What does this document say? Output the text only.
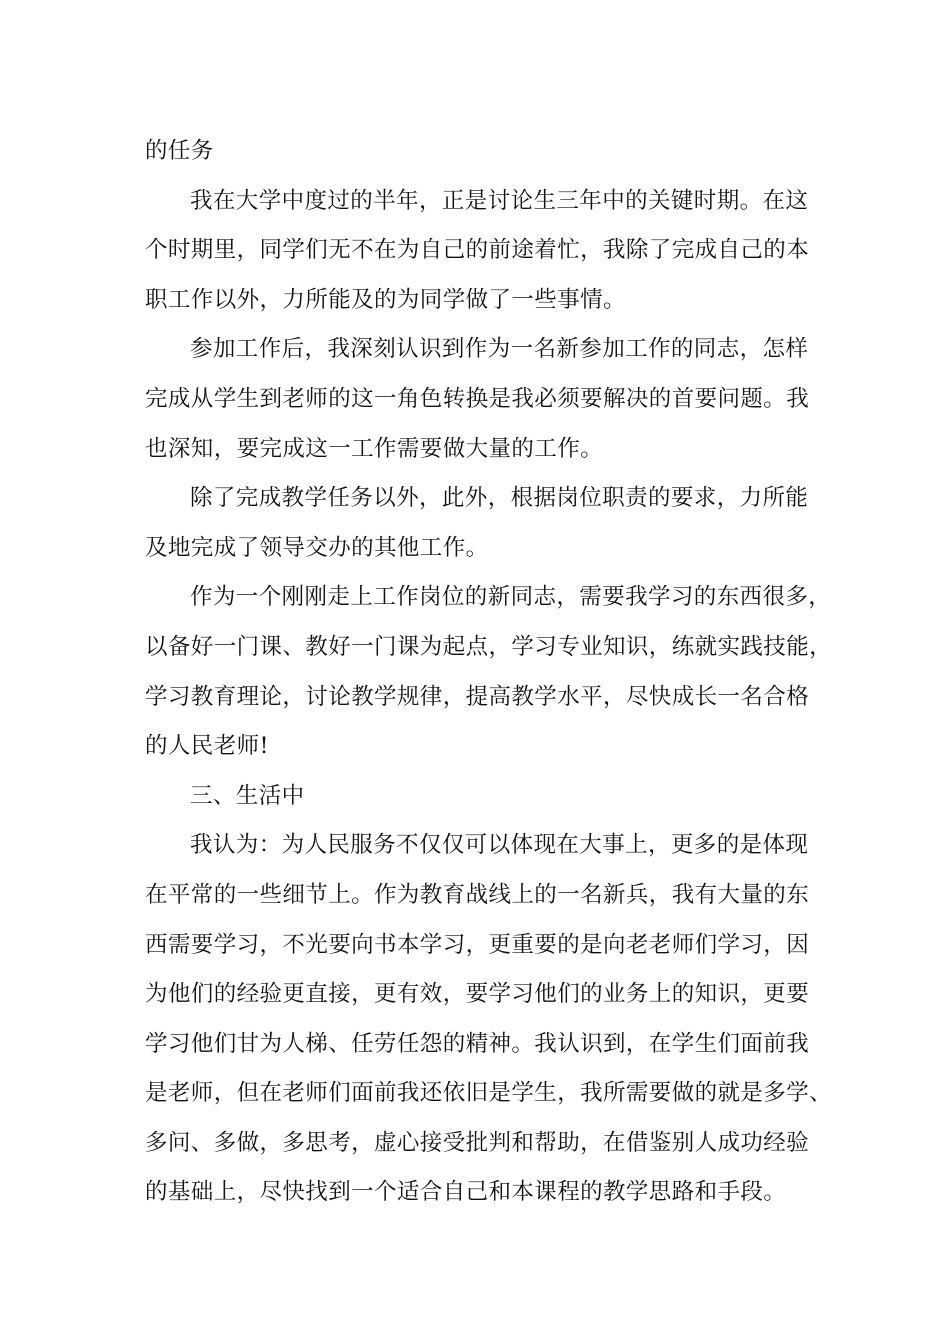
的任务
我在大学中度过的半年，正是讨论生三年中的关键时期。在这
个时期里，同学们无不在为自己的前途着忙，我除了完成自己的本
职工作以外，力所能及的为同学做了一些事情。
参加工作后，我深刻认识到作为一名新参加工作的同志，怎样
完成从学生到老师的这一角色转换是我必须要解决的首要问题。我
也深知，要完成这一工作需要做大量的工作。
除了完成教学任务以外，此外，根据岗位职责的要求，力所能
及地完成了领导交办的其他工作。
作为一个刚刚走上工作岗位的新同志，需要我学习的东西很多，
以备好一门课、教好一门课为起点，学习专业知识，练就实践技能，
学习教育理论，讨论教学规律，提高教学水平，尽快成长一名合格
的人民老师!
三、生活中
我认为：为人民服务不仅仅可以体现在大事上，更多的是体现
在平常的一些细节上。作为教育战线上的一名新兵，我有大量的东
西需要学习，不光要向书本学习，更重要的是向老老师们学习，因
为他们的经验更直接，更有效，要学习他们的业务上的知识，更要
学习他们甘为人梯、任劳任怨的精神。我认识到，在学生们面前我
是老师，但在老师们面前我还依旧是学生，我所需要做的就是多学、
多问、多做，多思考，虚心接受批判和帮助，在借鉴别人成功经验
的基础上，尽快找到一个适合自己和本课程的教学思路和手段。
